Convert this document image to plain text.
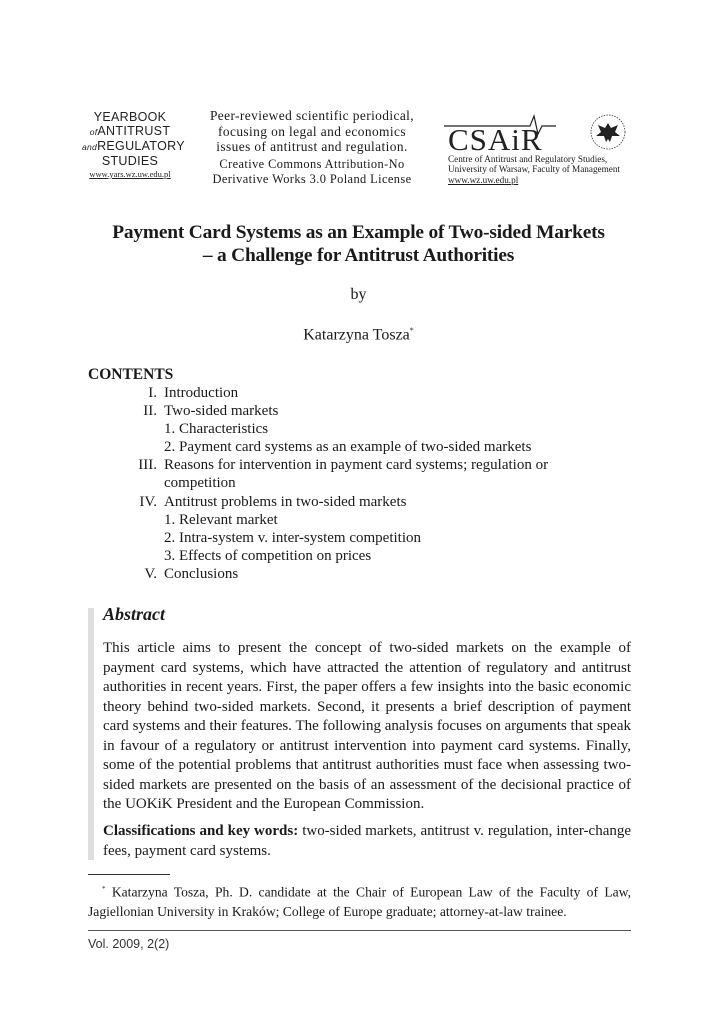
YEARBOOK
ofANTITRUST
andREGULATORY
STUDIES
www.yars.wz.uw.edu.pl
Peer-reviewed scientific periodical,
focusing on legal and economics
issues of antitrust and regulation.
Creative Commons Attribution-No
Derivative Works 3.0 Poland License
CSAiR
Centre of Antitrust and Regulatory Studies,
University of Warsaw, Faculty of Management
www.wz.uw.edu.pl
Payment Card Systems as an Example of Two-sided Markets
– a Challenge for Antitrust Authorities
by
Katarzyna Tosza*
CONTENTS
I. Introduction
II. Two-sided markets
1. Characteristics
2. Payment card systems as an example of two-sided markets
III. Reasons for intervention in payment card systems; regulation or
competition
IV. Antitrust problems in two-sided markets
1. Relevant market
2. Intra-system v. inter-system competition
3. Effects of competition on prices
V. Conclusions
Abstract
This article aims to present the concept of two-sided markets on the example of payment card systems, which have attracted the attention of regulatory and antitrust authorities in recent years. First, the paper offers a few insights into the basic economic theory behind two-sided markets. Second, it presents a brief description of payment card systems and their features. The following analysis focuses on arguments that speak in favour of a regulatory or antitrust intervention into payment card systems. Finally, some of the potential problems that antitrust authorities must face when assessing two-sided markets are presented on the basis of an assessment of the decisional practice of the UOKiK President and the European Commission.
Classifications and key words: two-sided markets, antitrust v. regulation, inter-change fees, payment card systems.
* Katarzyna Tosza, Ph. D. candidate at the Chair of European Law of the Faculty of Law, Jagiellonian University in Kraków; College of Europe graduate; attorney-at-law trainee.
Vol. 2009, 2(2)
